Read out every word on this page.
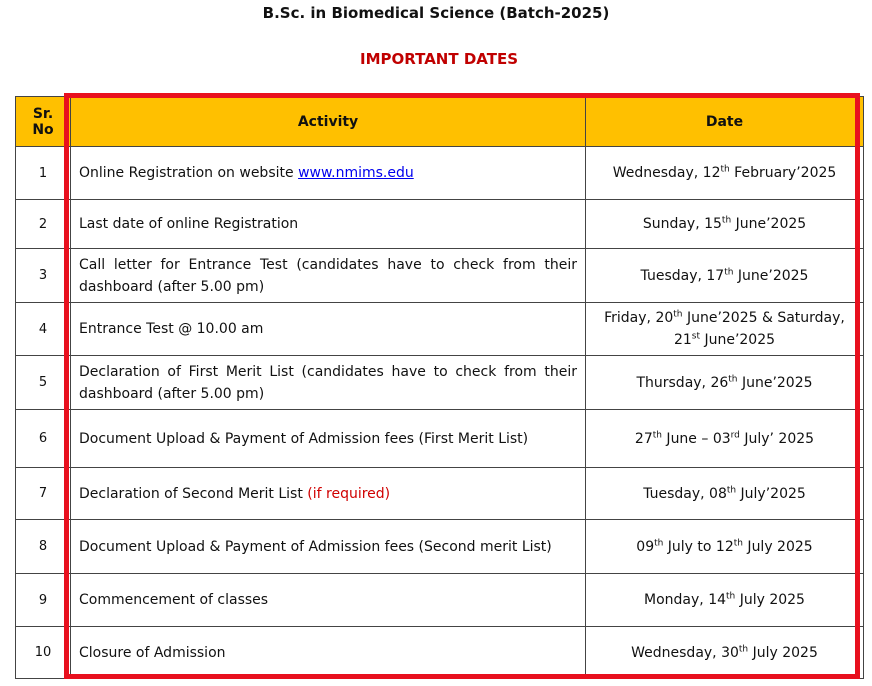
B.Sc. in Biomedical Science (Batch-2025)
IMPORTANT DATES
Sr. No	Activity	Date
1	Online Registration on website www.nmims.edu	Wednesday, 12th February’2025
2	Last date of online Registration	Sunday, 15th June’2025
3	Call letter for Entrance Test (candidates have to check from their dashboard (after 5.00 pm)	Tuesday, 17th June’2025
4	Entrance Test @ 10.00 am	Friday, 20th June’2025 & Saturday, 21st June’2025
5	Declaration of First Merit List (candidates have to check from their dashboard (after 5.00 pm)	Thursday, 26th June’2025
6	Document Upload & Payment of Admission fees (First Merit List)	27th June – 03rd July’ 2025
7	Declaration of Second Merit List (if required)	Tuesday, 08th July’2025
8	Document Upload & Payment of Admission fees (Second merit List)	09th July to 12th July 2025
9	Commencement of classes	Monday, 14th July 2025
10	Closure of Admission	Wednesday, 30th July 2025
